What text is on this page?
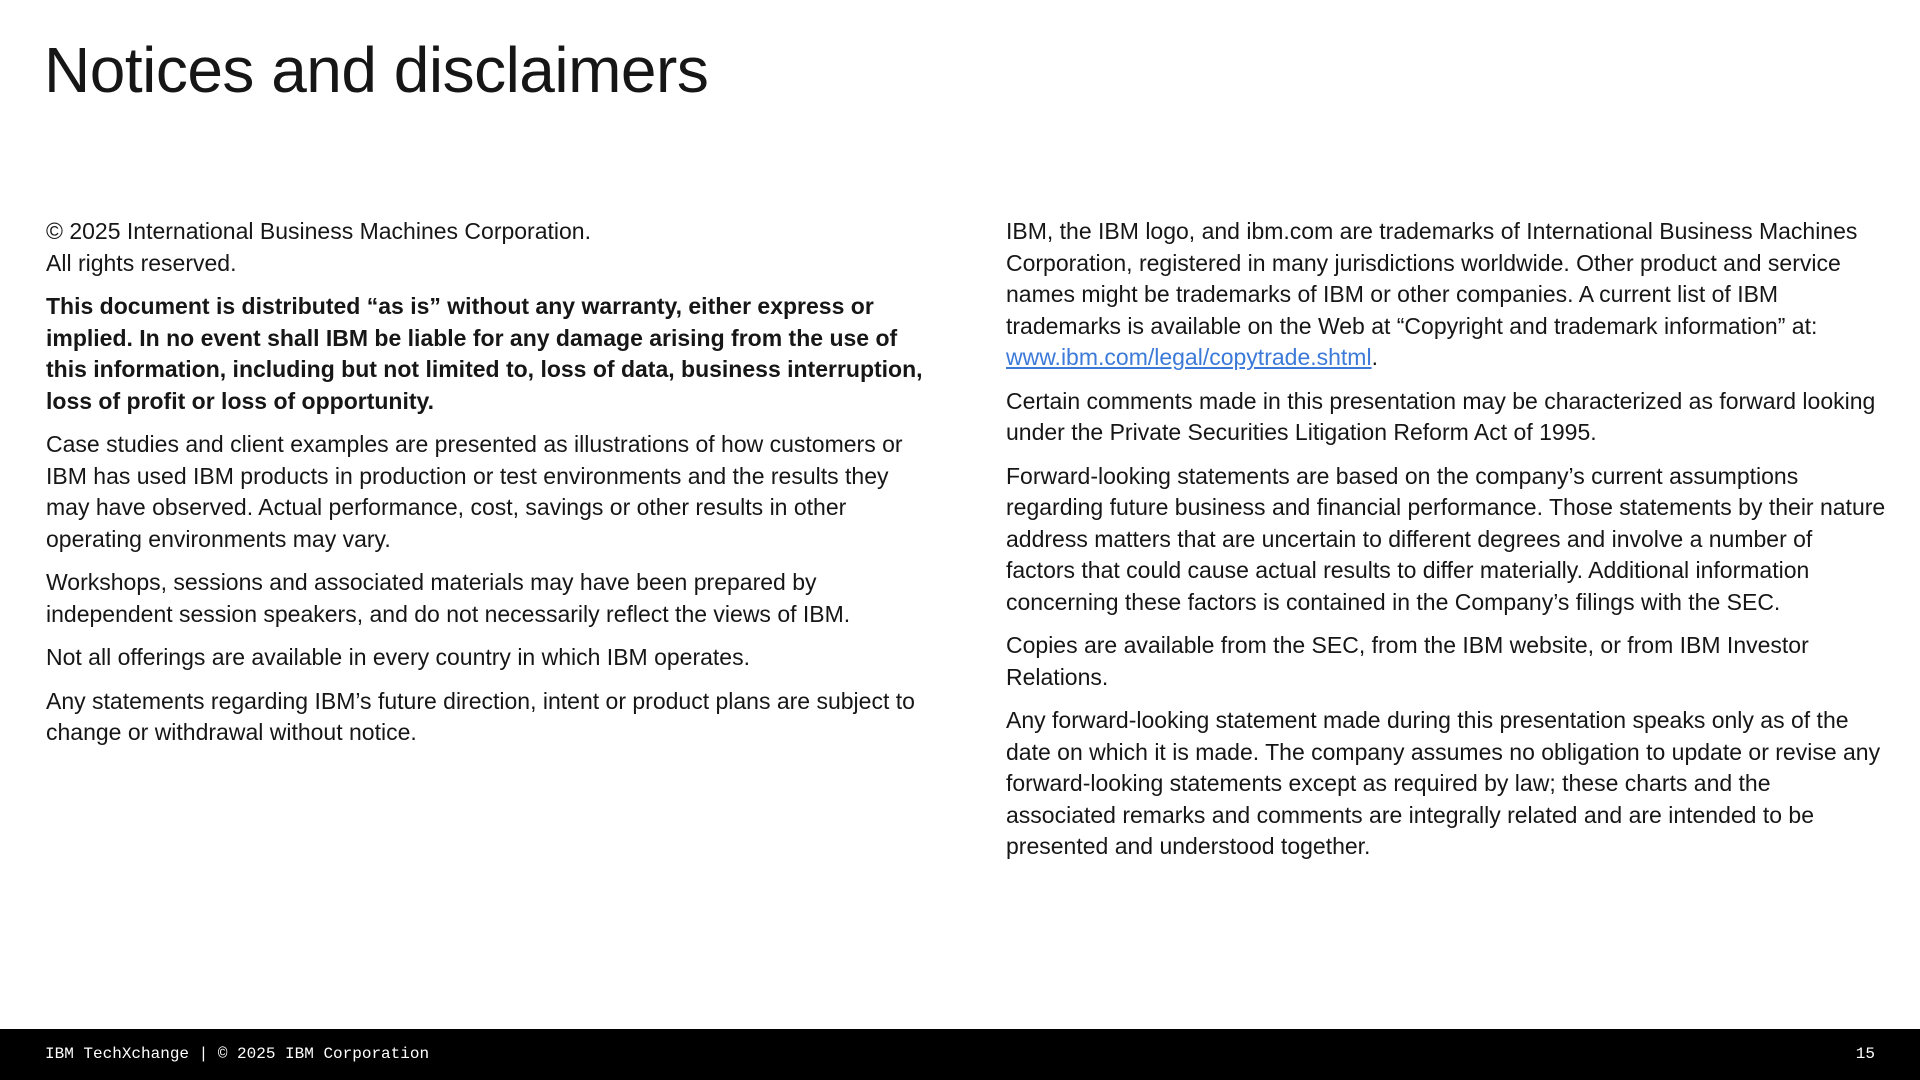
Notices and disclaimers

© 2025 International Business Machines Corporation.
All rights reserved.

This document is distributed “as is” without any warranty, either express or implied. In no event shall IBM be liable for any damage arising from the use of this information, including but not limited to, loss of data, business interruption, loss of profit or loss of opportunity.

Case studies and client examples are presented as illustrations of how customers or IBM has used IBM products in production or test environments and the results they may have observed. Actual performance, cost, savings or other results in other operating environments may vary.

Workshops, sessions and associated materials may have been prepared by independent session speakers, and do not necessarily reflect the views of IBM.

Not all offerings are available in every country in which IBM operates.

Any statements regarding IBM’s future direction, intent or product plans are subject to change or withdrawal without notice.

IBM, the IBM logo, and ibm.com are trademarks of International Business Machines Corporation, registered in many jurisdictions worldwide. Other product and service names might be trademarks of IBM or other companies. A current list of IBM trademarks is available on the Web at “Copyright and trademark information” at: www.ibm.com/legal/copytrade.shtml.

Certain comments made in this presentation may be characterized as forward looking under the Private Securities Litigation Reform Act of 1995.

Forward-looking statements are based on the company’s current assumptions regarding future business and financial performance. Those statements by their nature address matters that are uncertain to different degrees and involve a number of factors that could cause actual results to differ materially. Additional information concerning these factors is contained in the Company’s filings with the SEC.

Copies are available from the SEC, from the IBM website, or from IBM Investor Relations.

Any forward-looking statement made during this presentation speaks only as of the date on which it is made. The company assumes no obligation to update or revise any forward-looking statements except as required by law; these charts and the associated remarks and comments are integrally related and are intended to be presented and understood together.

IBM TechXchange | © 2025 IBM Corporation	15
